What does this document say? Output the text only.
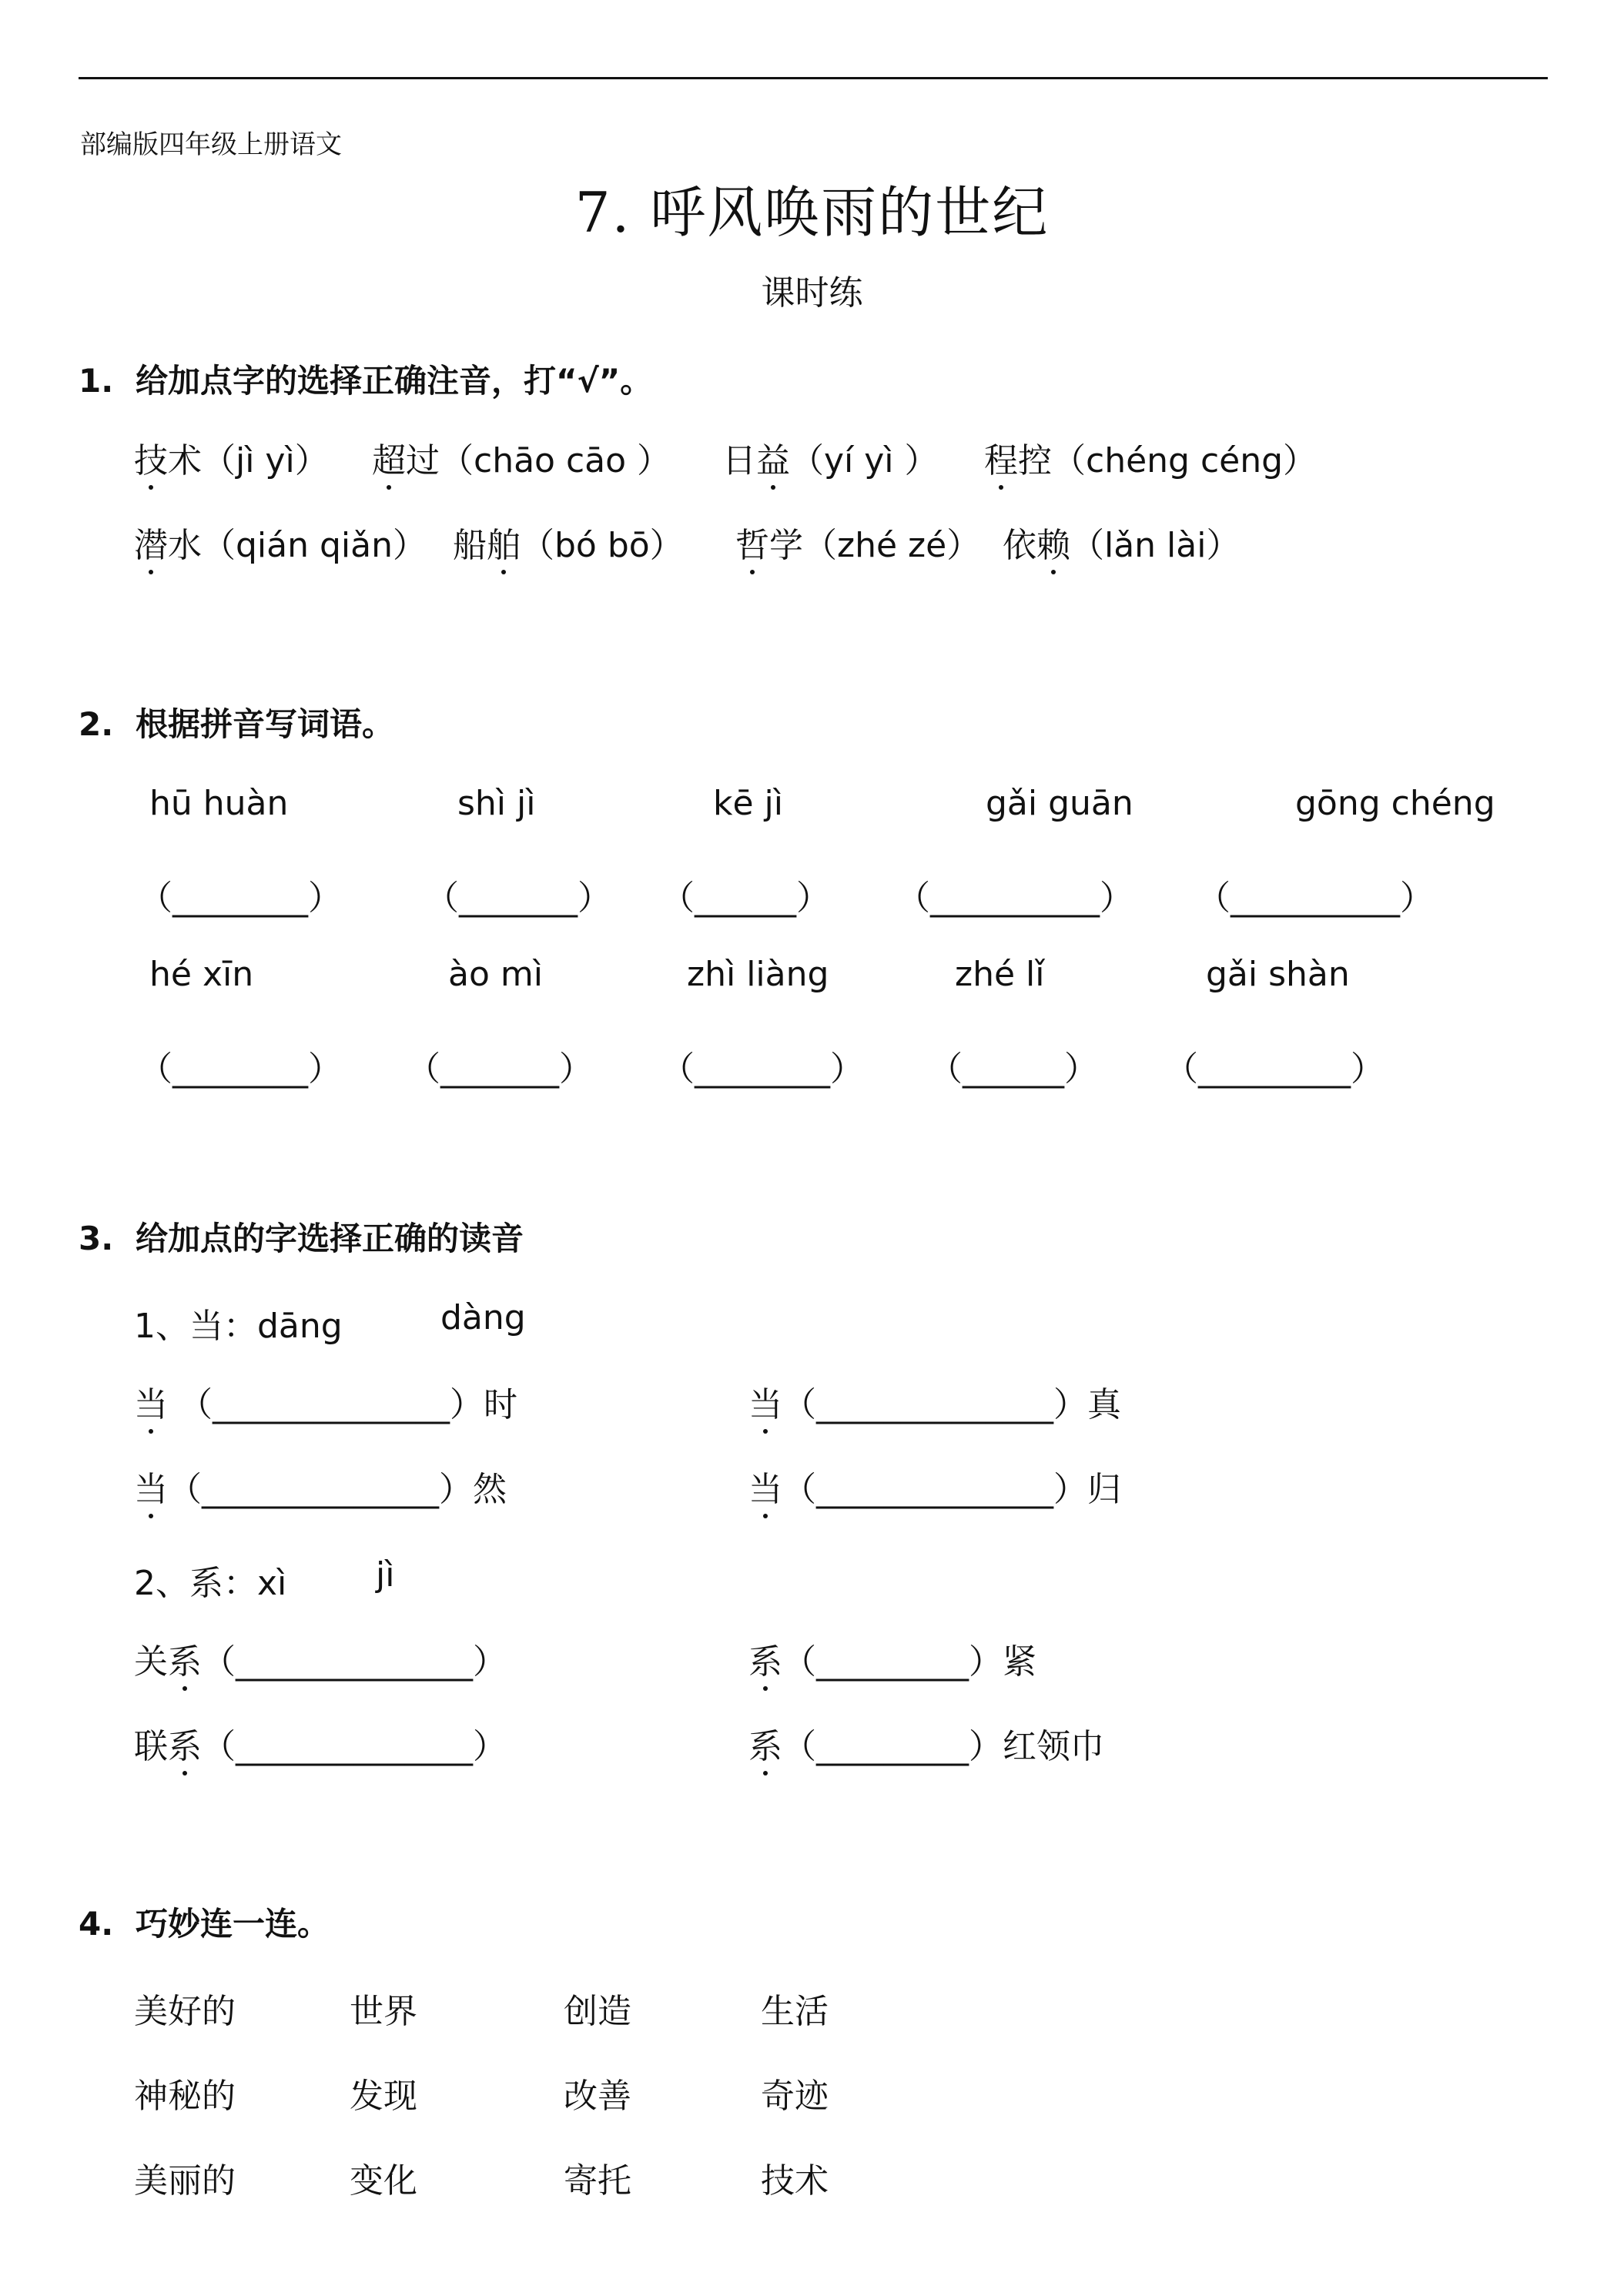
部编版四年级上册语文
7. 呼风唤雨的世纪
课时练
1. 给加点字的选择正确注音，打“√”。
技术（jì yì） 超过（chāo cāo ） 日益（yí yì ） 程控（chéng céng）
潜水（qián qiǎn） 船舶（bó bō） 哲学（zhé zé） 依赖（lǎn lài）
2. 根据拼音写词语。
hū huàn	shì jì	kē jì	gǎi guān	gōng chéng
（________） （_______） （______） （__________） （__________）
hé xīn	ào mì	zhì liàng	zhé lǐ	gǎi shàn
（________） （_______） （________） （______） （_________）
3. 给加点的字选择正确的读音
1、当：dāng	dàng
当 （______________）时	当（______________）真
当（______________）然	当（______________）归
2、系：xì	jì
关系（______________）	系（_________）紧
联系（______________）	系（_________）红领巾
4. 巧妙连一连。
美好的	世界	创造	生活
神秘的	发现	改善	奇迹
美丽的	变化	寄托	技术
